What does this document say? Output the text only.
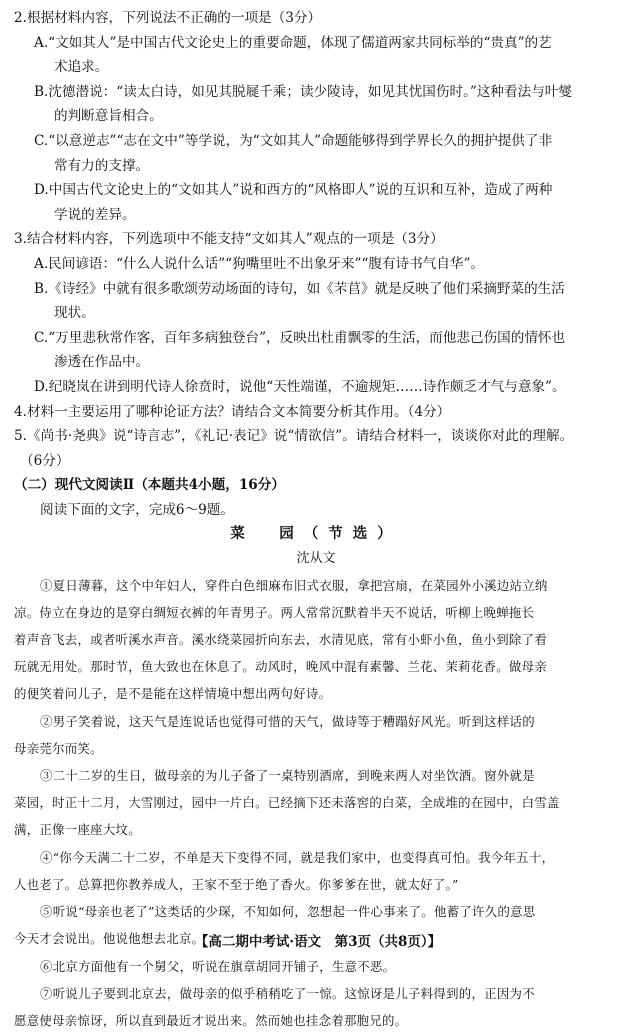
2.根据材料内容，下列说法不正确的一项是（3分）
A.“文如其人”是中国古代文论史上的重要命题，体现了儒道两家共同标举的“贵真”的艺
术追求。
B.沈德潜说：“读太白诗，如见其脱屣千乘；读少陵诗，如见其忧国伤时。”这种看法与叶燮
的判断意旨相合。
C.“以意逆志”“志在文中”等学说，为“文如其人”命题能够得到学界长久的拥护提供了非
常有力的支撑。
D.中国古代文论史上的“文如其人”说和西方的“风格即人”说的互识和互补，造成了两种
学说的差异。
3.结合材料内容，下列选项中不能支持“文如其人”观点的一项是（3分）
A.民间谚语：“什么人说什么话”“狗嘴里吐不出象牙来”“腹有诗书气自华”。
B.《诗经》中就有很多歌颂劳动场面的诗句，如《芣苢》就是反映了他们采摘野菜的生活
现状。
C.“万里悲秋常作客，百年多病独登台”，反映出杜甫飘零的生活，而他悲己伤国的情怀也
渗透在作品中。
D.纪晓岚在讲到明代诗人徐贲时，说他“天性端谨，不逾规矩……诗作颇乏才气与意象”。
4.材料一主要运用了哪种论证方法？请结合文本简要分析其作用。（4分）
5.《尚书·尧典》说“诗言志”，《礼记·表记》说“情欲信”。请结合材料一，谈谈你对此的理解。
（6分）
（二）现代文阅读Ⅱ（本题共4小题，16分）
阅读下面的文字，完成6～9题。
菜　园（节选）
沈从文
①夏日薄暮，这个中年妇人，穿件白色细麻布旧式衣服，拿把宫扇，在菜园外小溪边站立纳
凉。侍立在身边的是穿白绸短衣裤的年青男子。两人常常沉默着半天不说话，听柳上晚蝉拖长
着声音飞去，或者听溪水声音。溪水绕菜园折向东去，水清见底，常有小虾小鱼，鱼小到除了看
玩就无用处。那时节，鱼大致也在休息了。动风时，晚风中混有素馨、兰花、茉莉花香。做母亲
的便笑着问儿子，是不是能在这样情境中想出两句好诗。
②男子笑着说，这天气是连说话也觉得可惜的天气，做诗等于糟蹋好风光。听到这样话的
母亲莞尔而笑。
③二十二岁的生日，做母亲的为儿子备了一桌特别酒席，到晚来两人对坐饮酒。窗外就是
菜园，时正十二月，大雪刚过，园中一片白。已经摘下还未落窖的白菜，全成堆的在园中，白雪盖
满，正像一座座大坟。
④“你今天满二十二岁，不单是天下变得不同，就是我们家中，也变得真可怕。我今年五十，
人也老了。总算把你教养成人，王家不至于绝了香火。你爹爹在世，就太好了。”
⑤听说“母亲也老了”这类话的少琛，不知如何，忽想起一件心事来了。他蓄了许久的意思
今天才会说出。他说他想去北京。
⑥北京方面他有一个舅父，听说在旗章胡同开铺子，生意不恶。
⑦听说儿子要到北京去，做母亲的似乎稍稍吃了一惊。这惊讶是儿子料得到的，正因为不
愿意使母亲惊讶，所以直到最近才说出来。然而她也挂念着那胞兄的。
【高二期中考试·语文　第3页（共8页）】
